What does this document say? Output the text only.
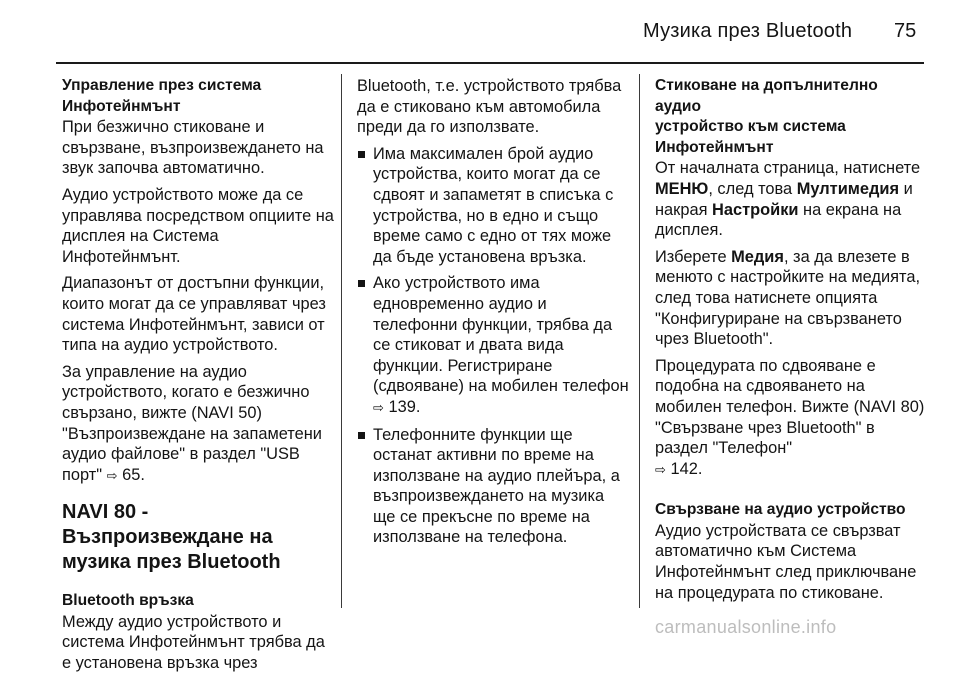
Музика през Bluetooth 75
Управление през система
Инфотейнмънт

При безжично стиковане и свързване, възпроизвеждането на звук започва автоматично.

Аудио устройството може да се управлява посредством опциите на дисплея на Система Инфотейнмънт.

Диапазонът от достъпни функции, които могат да се управляват чрез система Инфотейнмънт, зависи от типа на аудио устройството.

За управление на аудио устройството, когато е безжично свързано, вижте (NAVI 50) "Възпроизвеждане на запаметени аудио файлове" в раздел "USB порт" ⇨ 65.

NAVI 80 - Възпроизвеждане на музика през Bluetooth
Bluetooth връзка

Между аудио устройството и система Инфотейнмънт трябва да е установена връзка чрез

Bluetooth, т.е. устройството трябва да е стиковано към автомобила преди да го използвате.

Има максимален брой аудио устройства, които могат да се сдвоят и запаметят в списъка с устройства, но в едно и също време само с едно от тях може да бъде установена връзка.
Ако устройството има едновременно аудио и телефонни функции, трябва да се стиковат и двата вида функции. Регистриране (сдвояване) на мобилен телефон
⇨ 139.
Телефонните функции ще останат активни по време на използване на аудио плейъра, а възпроизвеждането на музика ще се прекъсне по време на използване на телефона.
Стиковане на допълнително аудио
устройство към система
Инфотейнмънт

От началната страница, натиснете МЕНЮ, след това Мултимедия и накрая Настройки на екрана на дисплея.

Изберете Медия, за да влезете в менюто с настройките на медията, след това натиснете опцията "Конфигуриране на свързването чрез Bluetooth".

Процедурата по сдвояване е подобна на сдвояването на мобилен телефон. Вижте (NAVI 80) "Свързване чрез Bluetooth" в раздел "Телефон"
⇨ 142.

Свързване на аудио устройство

Аудио устройствата се свързват автоматично към Система Инфотейнмънт след приключване на процедурата по стиковане.

carmanualsonline.info
